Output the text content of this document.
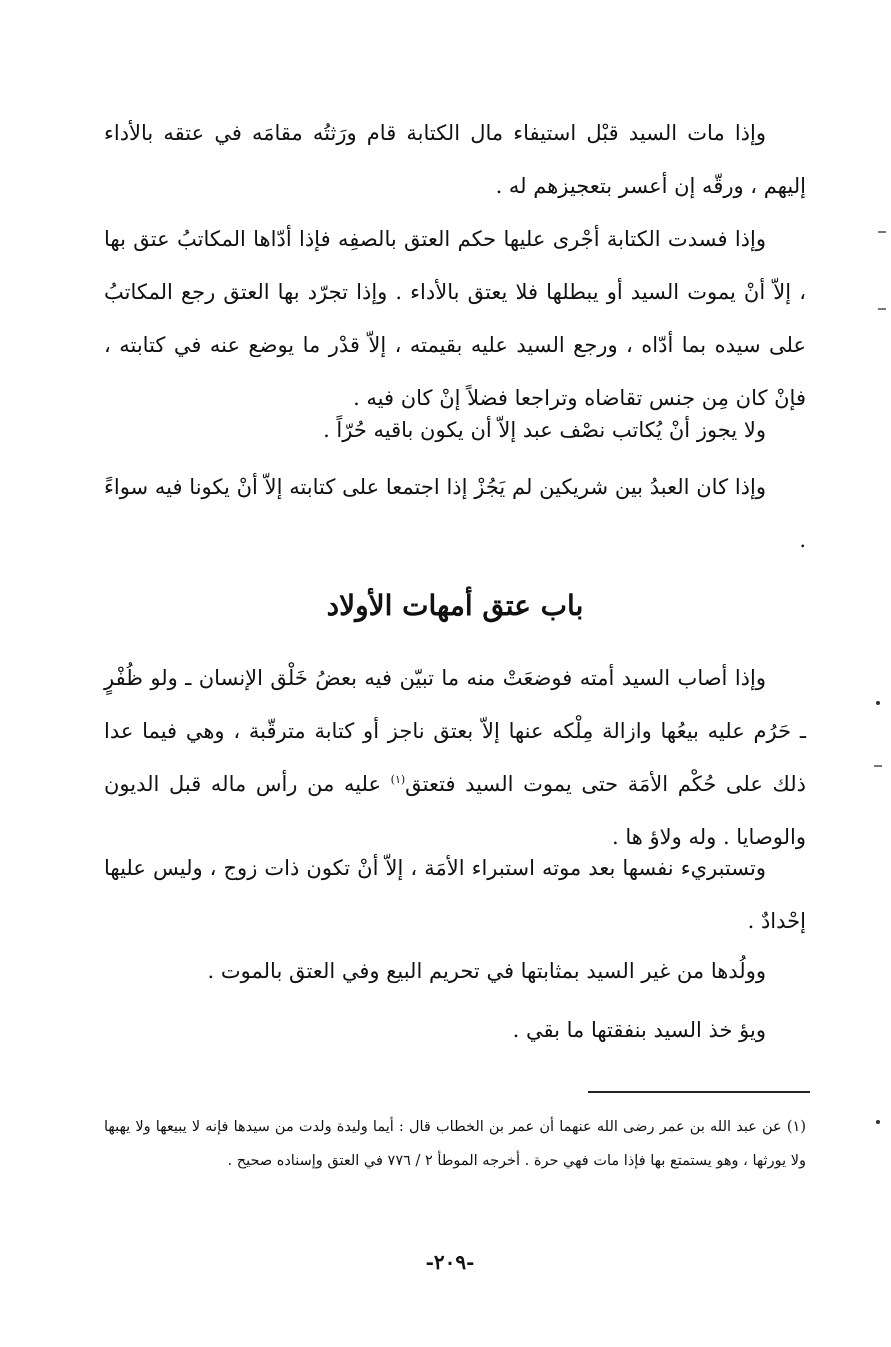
وإذا مات السيد قبْل استيفاء مال الكتابة قام ورَثتُه مقامَه في عتقه بالأداء إليهم ، ورقّه إن أعسر بتعجيزهم له .

وإذا فسدت الكتابة أجْرى عليها حكم العتق بالصفِه فإذا أدّاها المكاتبُ عتق بها ، إلاّ أنْ يموت السيد أو يبطلها فلا يعتق بالأداء . وإذا تجرّد بها العتق رجع المكاتبُ على سيده بما أدّاه ، ورجع السيد عليه بقيمته ، إلاّ قدْر ما يوضع عنه في كتابته ، فإنْ كان مِن جنس تقاضاه وتراجعا فضلاً إنْ كان فيه .

ولا يجوز أنْ يُكاتب نصْف عبد إلاّ أن يكون باقيه حُرّاً .

وإذا كان العبدُ بين شريكين لم يَجُزْ إذا اجتمعا على كتابته إلاّ أنْ يكونا فيه سواءً .

باب عتق أمهات الأولاد

وإذا أصاب السيد أمته فوضعَتْ منه ما تبيّن فيه بعضُ خَلْق الإنسان ـ ولو ظُفْرٍ ـ حَرُم عليه بيعُها وازالة مِلْكه عنها إلاّ بعتق ناجز أو كتابة مترقّبة ، وهي فيما عدا ذلك على حُكْم الأمَة حتى يموت السيد فتعتق$^{(١)}$ عليه من رأس ماله قبل الديون والوصايا . وله ولاؤ ها .

وتستبريء نفسها بعد موته استبراء الأمَة ، إلاّ أنْ تكون ذات زوج ، وليس عليها إحْدادٌ .

وولُدها من غير السيد بمثابتها في تحريم البيع وفي العتق بالموت .

ويؤ خذ السيد بنفقتها ما بقي .

(١) عن عبد الله بن عمر رضى الله عنهما أن عمر بن الخطاب قال : أيما وليدة ولدت من سيدها فإنه لا يبيعها ولا يهبها ولا يورثها ، وهو يستمتع بها فإذا مات فهي حرة . أخرجه الموطأ ٢ / ٧٧٦ في العتق وإسناده صحيح .

-٢٠٩-
